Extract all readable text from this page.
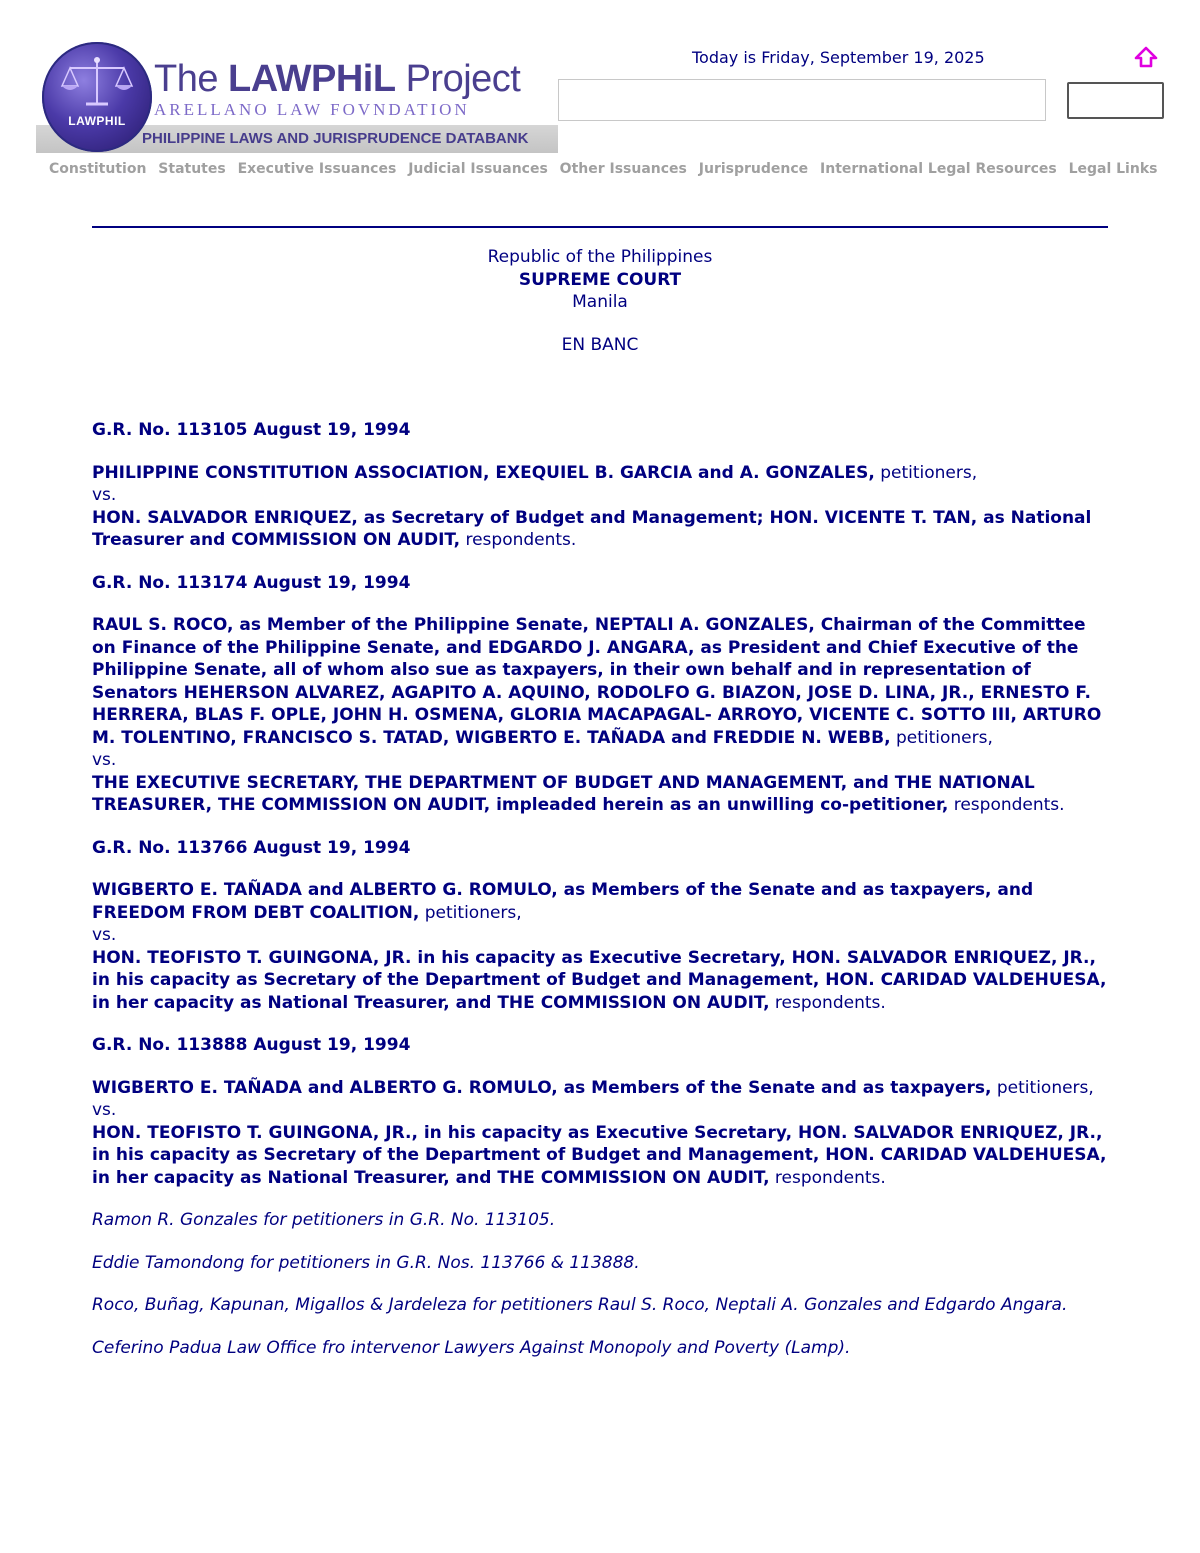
PHILIPPINE LAWS AND JURISPRUDENCE DATABANK
LAWPHIL
The LAWPHiL Project
ARELLANO LAW FOVNDATION
Today is Friday, September 19, 2025
Constitution Statutes Executive Issuances Judicial Issuances Other Issuances Jurisprudence International Legal Resources Legal Links

Republic of the Philippines

SUPREME COURT

Manila

EN BANC

G.R. No. 113105 August 19, 1994

PHILIPPINE CONSTITUTION ASSOCIATION, EXEQUIEL B. GARCIA and A. GONZALES, petitioners,
vs.
HON. SALVADOR ENRIQUEZ, as Secretary of Budget and Management; HON. VICENTE T. TAN, as National Treasurer and COMMISSION ON AUDIT, respondents.

G.R. No. 113174 August 19, 1994

RAUL S. ROCO, as Member of the Philippine Senate, NEPTALI A. GONZALES, Chairman of the Committee on Finance of the Philippine Senate, and EDGARDO J. ANGARA, as President and Chief Executive of the Philippine Senate, all of whom also sue as taxpayers, in their own behalf and in representation of Senators HEHERSON ALVAREZ, AGAPITO A. AQUINO, RODOLFO G. BIAZON, JOSE D. LINA, JR., ERNESTO F. HERRERA, BLAS F. OPLE, JOHN H. OSMENA, GLORIA MACAPAGAL- ARROYO, VICENTE C. SOTTO III, ARTURO M. TOLENTINO, FRANCISCO S. TATAD, WIGBERTO E. TAÑADA and FREDDIE N. WEBB, petitioners,
vs.
THE EXECUTIVE SECRETARY, THE DEPARTMENT OF BUDGET AND MANAGEMENT, and THE NATIONAL TREASURER, THE COMMISSION ON AUDIT, impleaded herein as an unwilling co-petitioner, respondents.

G.R. No. 113766 August 19, 1994

WIGBERTO E. TAÑADA and ALBERTO G. ROMULO, as Members of the Senate and as taxpayers, and FREEDOM FROM DEBT COALITION, petitioners,
vs.
HON. TEOFISTO T. GUINGONA, JR. in his capacity as Executive Secretary, HON. SALVADOR ENRIQUEZ, JR., in his capacity as Secretary of the Department of Budget and Management, HON. CARIDAD VALDEHUESA, in her capacity as National Treasurer, and THE COMMISSION ON AUDIT, respondents.

G.R. No. 113888 August 19, 1994

WIGBERTO E. TAÑADA and ALBERTO G. ROMULO, as Members of the Senate and as taxpayers, petitioners,
vs.
HON. TEOFISTO T. GUINGONA, JR., in his capacity as Executive Secretary, HON. SALVADOR ENRIQUEZ, JR., in his capacity as Secretary of the Department of Budget and Management, HON. CARIDAD VALDEHUESA, in her capacity as National Treasurer, and THE COMMISSION ON AUDIT, respondents.

Ramon R. Gonzales for petitioners in G.R. No. 113105.

Eddie Tamondong for petitioners in G.R. Nos. 113766 & 113888.

Roco, Buñag, Kapunan, Migallos & Jardeleza for petitioners Raul S. Roco, Neptali A. Gonzales and Edgardo Angara.

Ceferino Padua Law Office fro intervenor Lawyers Against Monopoly and Poverty (Lamp).
